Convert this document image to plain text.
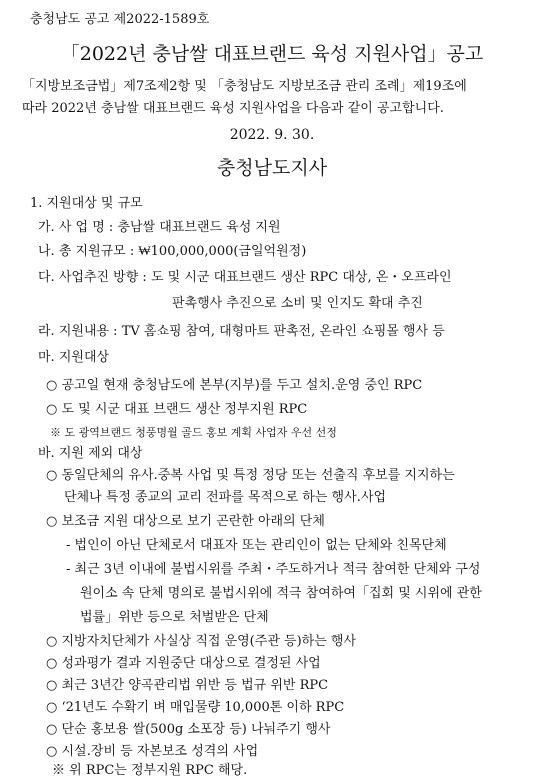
충청남도 공고 제2022-1589호
「2022년 충남쌀 대표브랜드 육성 지원사업」공고
「지방보조금법」제7조제2항 및 「충청남도 지방보조금 관리 조례」제19조에
따라 2022년 충남쌀 대표브랜드 육성 지원사업을 다음과 같이 공고합니다.
2022. 9. 30.
충청남도지사
1. 지원대상 및 규모
가. 사 업 명 : 충남쌀 대표브랜드 육성 지원
나. 총 지원규모 : ₩100,000,000(금일억원정)
다. 사업추진 방향 : 도 및 시군 대표브랜드 생산 RPC 대상, 온・오프라인
판촉행사 추진으로 소비 및 인지도 확대 추진
라. 지원내용 : TV 홈쇼핑 참여, 대형마트 판촉전, 온라인 쇼핑몰 행사 등
마. 지원대상
○ 공고일 현재 충청남도에 본부(지부)를 두고 설치․운영 중인 RPC
○ 도 및 시군 대표 브랜드 생산 정부지원 RPC
※ 도 광역브랜드 청풍명월 골드 홍보 계획 사업자 우선 선정
바. 지원 제외 대상
○ 동일단체의 유사․중복 사업 및 특정 정당 또는 선출직 후보를 지지하는
단체나 특정 종교의 교리 전파를 목적으로 하는 행사․사업
○ 보조금 지원 대상으로 보기 곤란한 아래의 단체
- 법인이 아닌 단체로서 대표자 또는 관리인이 없는 단체와 친목단체
- 최근 3년 이내에 불법시위를 주최・주도하거나 적극 참여한 단체와 구성
원이소 속 단체 명의로 불법시위에 적극 참여하여「집회 및 시위에 관한
법률」위반 등으로 처벌받은 단체
○ 지방자치단체가 사실상 직접 운영(주관 등)하는 행사
○ 성과평가 결과 지원중단 대상으로 결정된 사업
○ 최근 3년간 양곡관리법 위반 등 법규 위반 RPC
○ ‘21년도 수확기 벼 매입물량 10,000톤 이하 RPC
○ 단순 홍보용 쌀(500g 소포장 등) 나눠주기 행사
○ 시설․장비 등 자본보조 성격의 사업
※ 위 RPC는 정부지원 RPC 해당.
